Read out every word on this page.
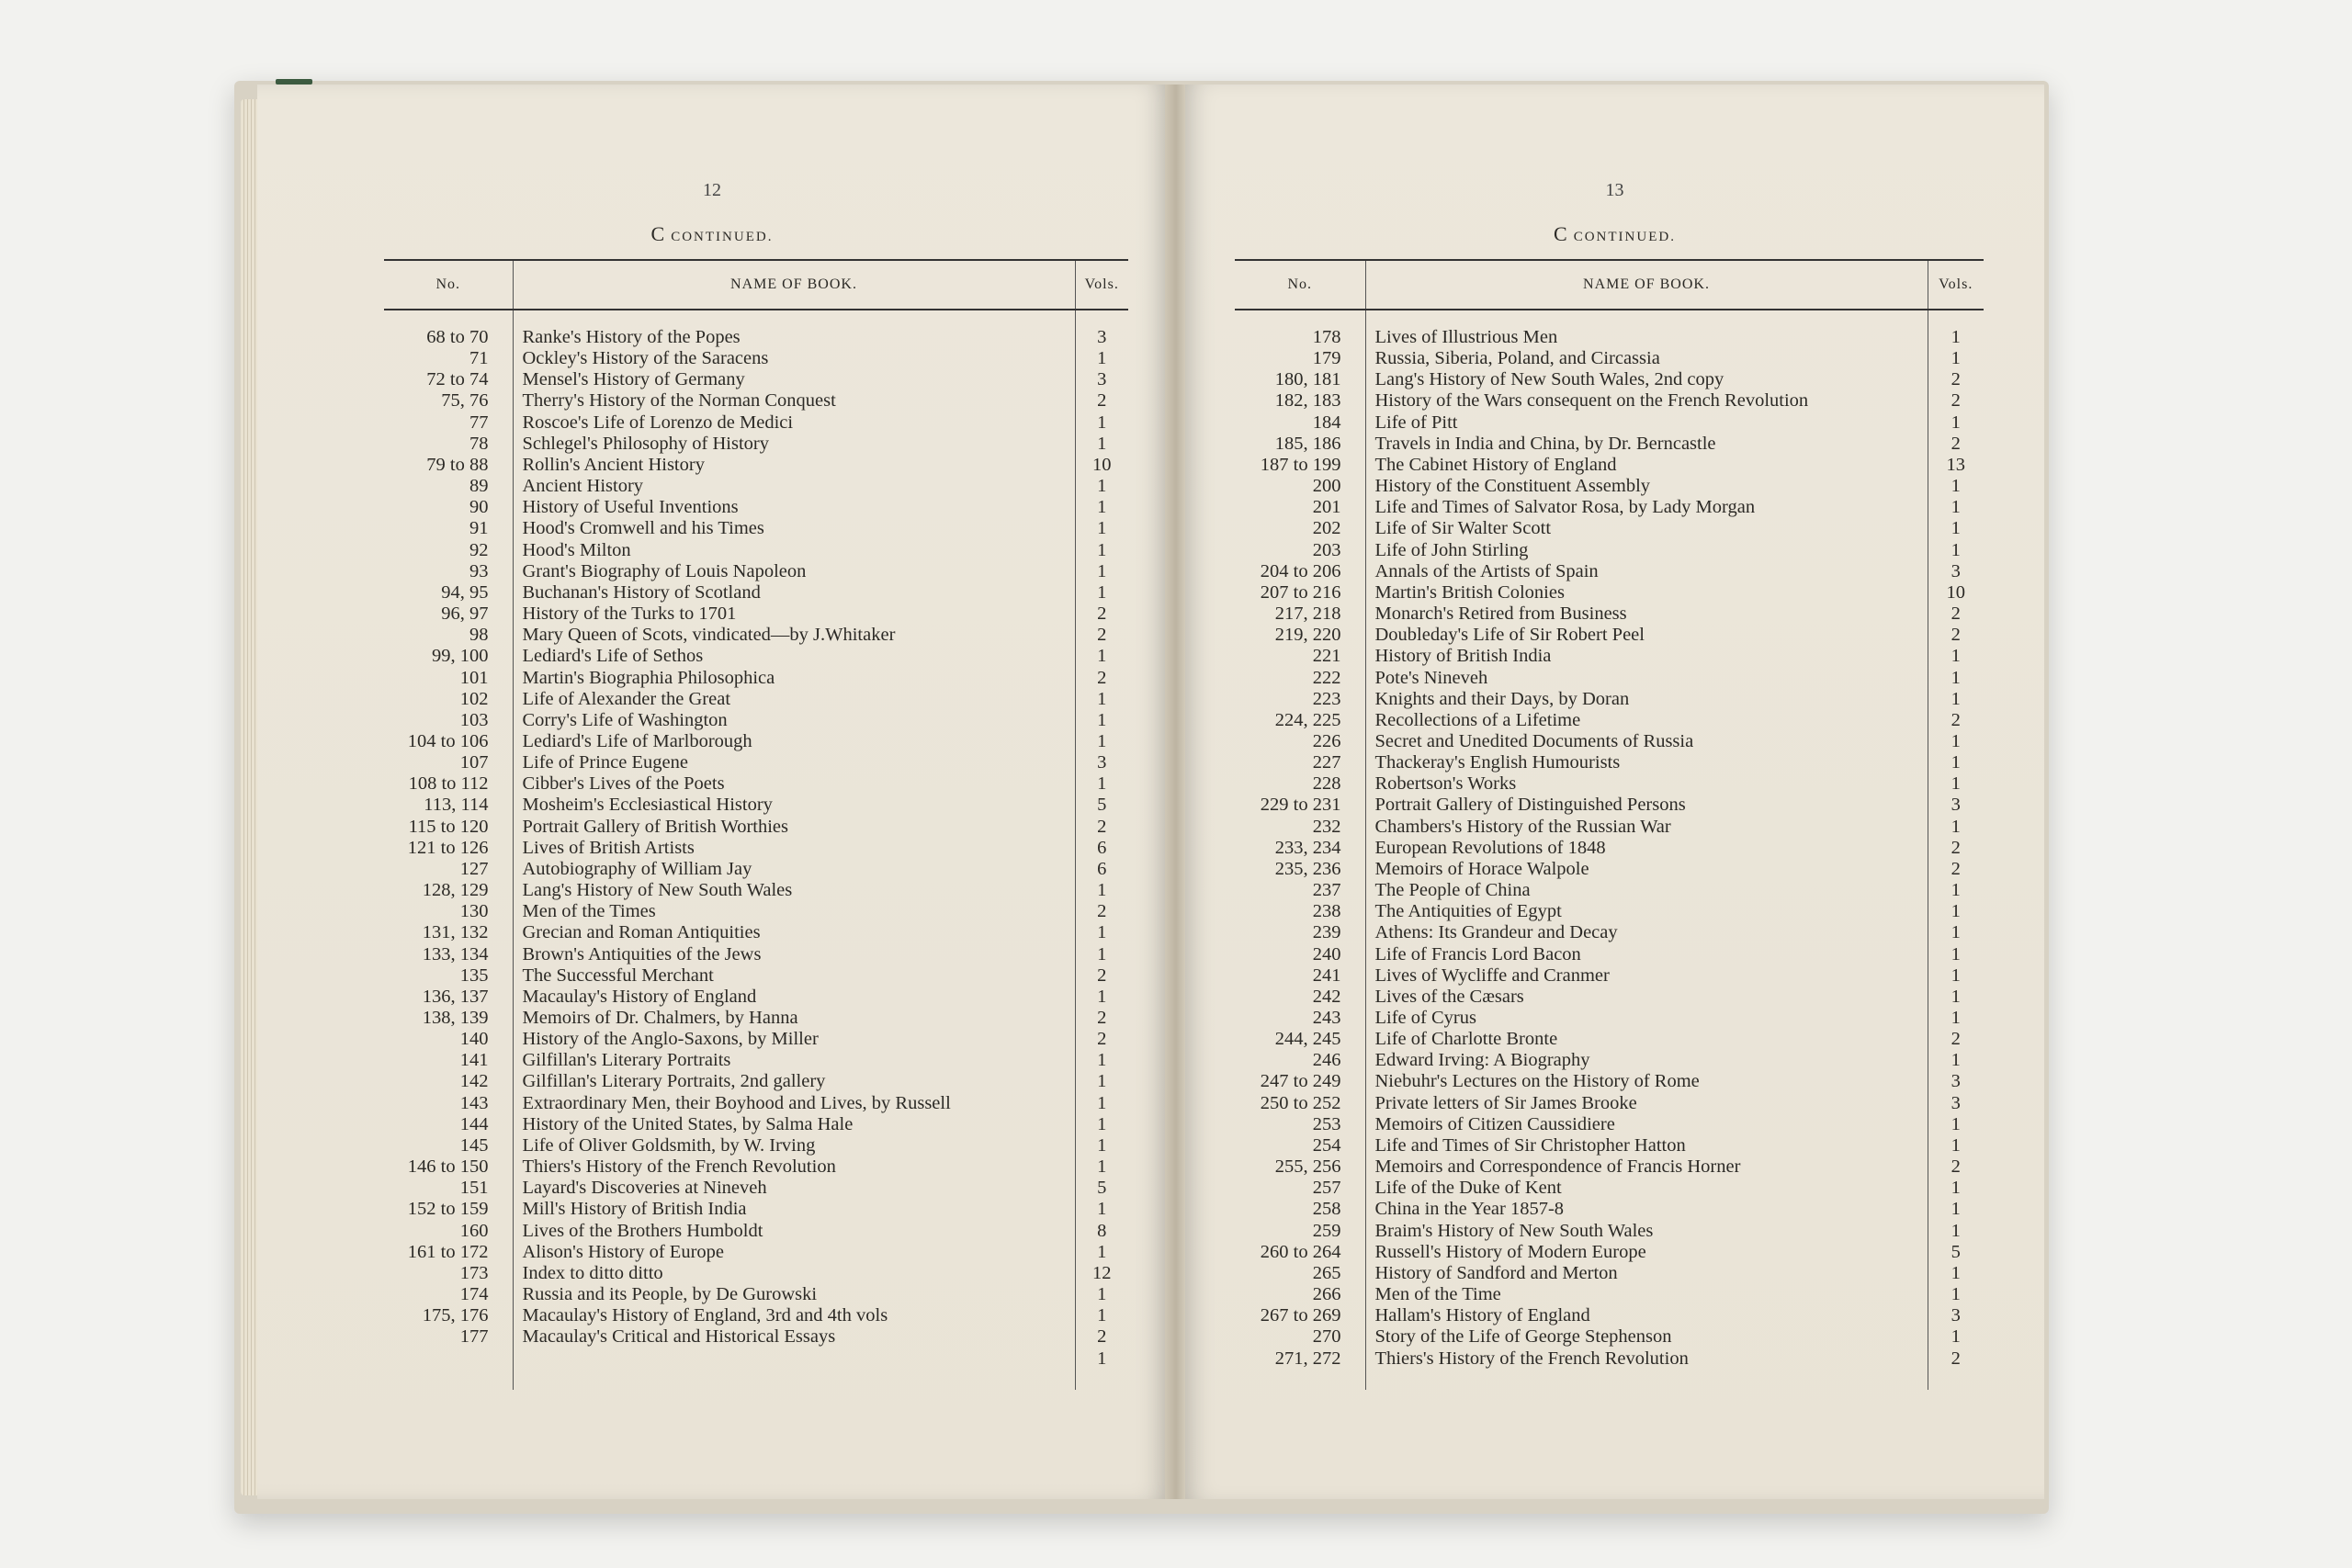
12
C CONTINUED.
No.	NAME OF BOOK.	Vols.

68 to 70	Ranke's History of the Popes	3
71	Ockley's History of the Saracens	1
72 to 74	Mensel's History of Germany	3
75, 76	Therry's History of the Norman Conquest	2
77	Roscoe's Life of Lorenzo de Medici	1
78	Schlegel's Philosophy of History	1
79 to 88	Rollin's Ancient History	10
89	Ancient History	1
90	History of Useful Inventions	1
91	Hood's Cromwell and his Times	1
92	Hood's Milton	1
93	Grant's Biography of Louis Napoleon	1
94, 95	Buchanan's History of Scotland	1
96, 97	History of the Turks to 1701	2
98	Mary Queen of Scots, vindicated—by J.Whitaker	2
99, 100	Lediard's Life of Sethos	1
101	Martin's Biographia Philosophica	2
102	Life of Alexander the Great	1
103	Corry's Life of Washington	1
104 to 106	Lediard's Life of Marlborough	1
107	Life of Prince Eugene	3
108 to 112	Cibber's Lives of the Poets	1
113, 114	Mosheim's Ecclesiastical History	5
115 to 120	Portrait Gallery of British Worthies	2
121 to 126	Lives of British Artists	6
127	Autobiography of William Jay	6
128, 129	Lang's History of New South Wales	1
130	Men of the Times	2
131, 132	Grecian and Roman Antiquities	1
133, 134	Brown's Antiquities of the Jews	1
135	The Successful Merchant	2
136, 137	Macaulay's History of England	1
138, 139	Memoirs of Dr. Chalmers, by Hanna	2
140	History of the Anglo-Saxons, by Miller	2
141	Gilfillan's Literary Portraits	1
142	Gilfillan's Literary Portraits, 2nd gallery	1
143	Extraordinary Men, their Boyhood and Lives, by Russell	1
144	History of the United States, by Salma Hale	1
145	Life of Oliver Goldsmith, by W. Irving	1
146 to 150	Thiers's History of the French Revolution	1
151	Layard's Discoveries at Nineveh	5
152 to 159	Mill's History of British India	1
160	Lives of the Brothers Humboldt	8
161 to 172	Alison's History of Europe	1
173	Index to ditto ditto	12
174	Russia and its People, by De Gurowski	1
175, 176	Macaulay's History of England, 3rd and 4th vols	1
177	Macaulay's Critical and Historical Essays	2
		1

13
C CONTINUED.
No.	NAME OF BOOK.	Vols.

178	Lives of Illustrious Men	1
179	Russia, Siberia, Poland, and Circassia	1
180, 181	Lang's History of New South Wales, 2nd copy	2
182, 183	History of the Wars consequent on the French Revolution	2
184	Life of Pitt	1
185, 186	Travels in India and China, by Dr. Berncastle	2
187 to 199	The Cabinet History of England	13
200	History of the Constituent Assembly	1
201	Life and Times of Salvator Rosa, by Lady Morgan	1
202	Life of Sir Walter Scott	1
203	Life of John Stirling	1
204 to 206	Annals of the Artists of Spain	3
207 to 216	Martin's British Colonies	10
217, 218	Monarch's Retired from Business	2
219, 220	Doubleday's Life of Sir Robert Peel	2
221	History of British India	1
222	Pote's Nineveh	1
223	Knights and their Days, by Doran	1
224, 225	Recollections of a Lifetime	2
226	Secret and Unedited Documents of Russia	1
227	Thackeray's English Humourists	1
228	Robertson's Works	1
229 to 231	Portrait Gallery of Distinguished Persons	3
232	Chambers's History of the Russian War	1
233, 234	European Revolutions of 1848	2
235, 236	Memoirs of Horace Walpole	2
237	The People of China	1
238	The Antiquities of Egypt	1
239	Athens: Its Grandeur and Decay	1
240	Life of Francis Lord Bacon	1
241	Lives of Wycliffe and Cranmer	1
242	Lives of the Cæsars	1
243	Life of Cyrus	1
244, 245	Life of Charlotte Bronte	2
246	Edward Irving: A Biography	1
247 to 249	Niebuhr's Lectures on the History of Rome	3
250 to 252	Private letters of Sir James Brooke	3
253	Memoirs of Citizen Caussidiere	1
254	Life and Times of Sir Christopher Hatton	1
255, 256	Memoirs and Correspondence of Francis Horner	2
257	Life of the Duke of Kent	1
258	China in the Year 1857-8	1
259	Braim's History of New South Wales	1
260 to 264	Russell's History of Modern Europe	5
265	History of Sandford and Merton	1
266	Men of the Time	1
267 to 269	Hallam's History of England	3
270	Story of the Life of George Stephenson	1
271, 272	Thiers's History of the French Revolution	2
